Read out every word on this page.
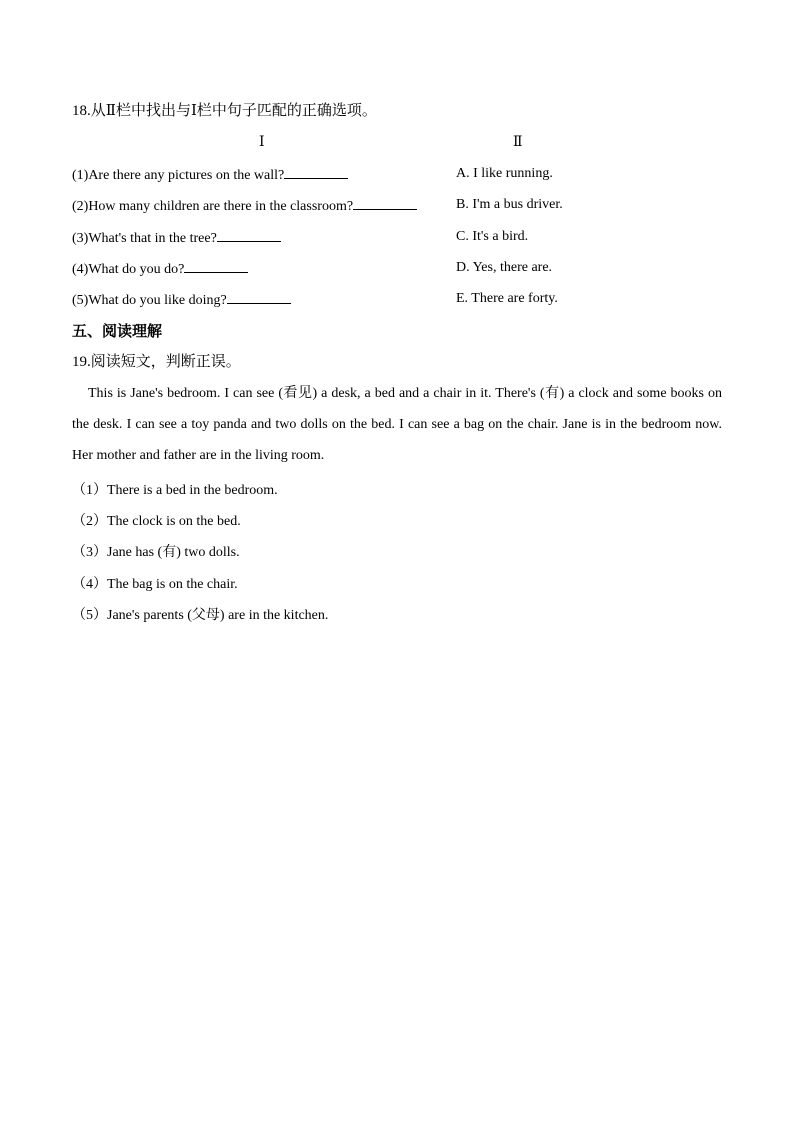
18.从Ⅱ栏中找出与Ⅰ栏中句子匹配的正确选项。
Ⅰ	Ⅱ
(1)Are there any pictures on the wall?	A. I like running.
(2)How many children are there in the classroom?	B. I'm a bus driver.
(3)What's that in the tree?	C. It's a bird.
(4)What do you do?	D. Yes, there are.
(5)What do you like doing?	E. There are forty.
五、阅读理解
19.阅读短文，判断正误。
This is Jane's bedroom. I can see (看见) a desk, a bed and a chair in it. There's (有) a clock and some books on the desk. I can see a toy panda and two dolls on the bed. I can see a bag on the chair. Jane is in the bedroom now. Her mother and father are in the living room.
（1）There is a bed in the bedroom.
（2）The clock is on the bed.
（3）Jane has (有) two dolls.
（4）The bag is on the chair.
（5）Jane's parents (父母) are in the kitchen.
